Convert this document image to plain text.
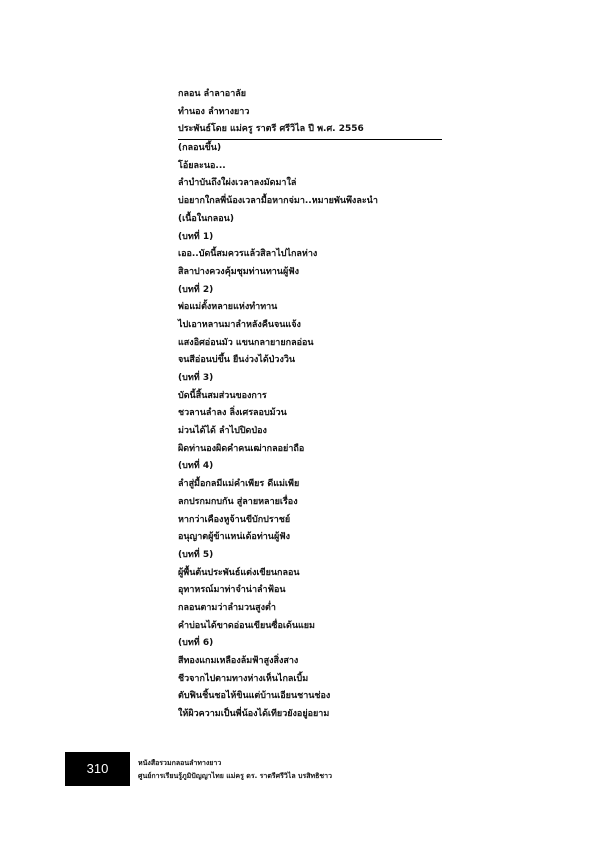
กลอน ลำลาอาลัย
ทำนอง ลำทางยาว
ประพันธ์โดย แม่ครู ราตรี ศรีวิไล ปี พ.ศ. 2556
(กลอนขึ้น)
โอ้ยละนอ...
ลำบำบันถึงใผ่งเวลาลงมัดมาใล่
บ่อยากใกลพี่น้องเวลามื้อหากจ่มา..หมายพันพึงละนำ
(เนื้อในกลอน)
(บทที่ 1)
เออ..บัดนี้สมควรแล้วสิลาไปไกลห่าง
สิลาปางควงคุ้มชุมท่านทานผู้ฟัง
(บทที่ 2)
พ่อแม่ตั้งหลายแห่งทำทาน
ไปเอาหลานมาลำหลังคืนจนแจ้ง
แสงอิศอ่อนมัว แขนกลายายกลอ่อน
จนสีอ่อนบ่ขึ้น ยืนง่วงได้ป่วงวิน
(บทที่ 3)
บัดนี้สิ้นสมส่วนของการ
ชวลานลำลง ลิ่งเศรลอบม้วน
ม่วนได้ได้ ลำไปปิดป่อง
ผิดท่านองผิดคำคนเฒ่ากลอย่าถือ
(บทที่ 4)
ลำสู่มื้อกลมีแม่คำเพียร ดีแม่เพีย
ลกปรกมกบกัน สู่ลายหลายเรื่อง
หากว่าเคืองหูจ้านขีบักปราชย์
อนุญาตผู้ข้าแหน่เด้อท่านผู้ฟัง
(บทที่ 5)
ผู้พื้นต้นประพันธ์แต่งเขียนกลอน
อุทาหรณ์มาท่าจำน่าลำฟ้อน
กลอนตามว่าลำมวนสูงต่ำ
คำบ่อนได้ขาดอ่อนเขียนซื่อเด้นแยม
(บทที่ 6)
สีทองแกมเหลืองล้มฟ้าสูงสิ่งสาง
ชีวจากไปตามทางห่างเห็นไกลเบิ้ม
ตับฟินชิ้นชอไห้ขินแต่บ้านเอียนชานช่อง
ให้ผิวความเป็นพี่น้องได้เทียวยังอยู่อยาม
310	หนังสือรวมกลอนลำทางยาว
ศูนย์การเรียนรู้ภูมิปัญญาไทย แม่ครู ดร. ราตรีศรีวิไล บรสิทธิชาว
